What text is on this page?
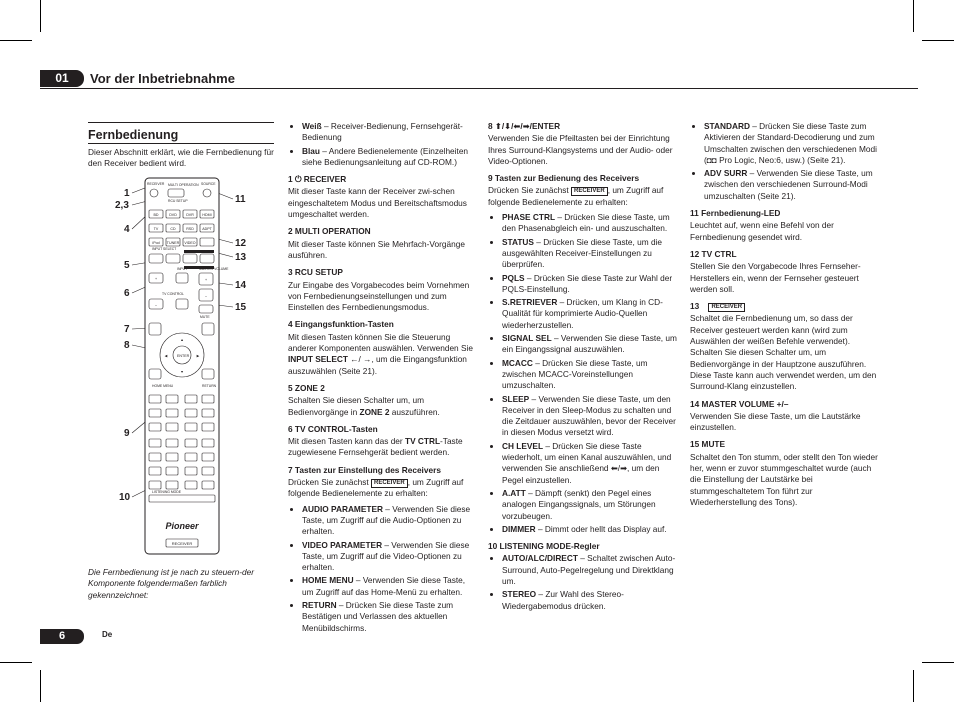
01	Vor der Inbetriebnahme
Fernbedienung

Dieser Abschnitt erklärt, wie die Fernbedienung für den Receiver bedient wird.

1
2,3
4
5
6
7
8
9
10
11
12
13
14
15
RECEIVER MULTI OPERATION SOURCE
RCU SETUP
INPUT SELECT
TV CONTROL
INPUT	MASTER VOLUME
MUTE
ENTER
HOME MENU	RETURN
LISTENING MODE
BD	DVD	DVR HDMI
TV	CD	RSD ADPT
iPod TUNER VIDEO
+
–
+
–
▲
▼
◀	▶
Pioneer
RECEIVER
Die Fernbedienung ist je nach zu steuern-der Komponente folgendermaßen farblich gekennzeichnet:
• Weiß – Receiver-Bedienung, Fernsehgerät-Bedienung
• Blau – Andere Bedienelemente (Einzelheiten siehe Bedienungsanleitung auf CD-ROM.)
1 ⏻ RECEIVER

Mit dieser Taste kann der Receiver zwi-schen eingeschaltetem Modus und Bereitschaftsmodus umgeschaltet werden.

2 MULTI OPERATION

Mit dieser Taste können Sie Mehrfach-Vorgänge ausführen.

3 RCU SETUP

Zur Eingabe des Vorgabecodes beim Vornehmen von Fernbedienungseinstellungen und zum Einstellen des Fernbedienungsmodus.

4 Eingangsfunktion-Tasten

Mit diesen Tasten können Sie die Steuerung anderer Komponenten auswählen. Verwenden Sie INPUT SELECT ←/ →, um die Eingangsfunktion auszuwählen (Seite 21).

5 ZONE 2

Schalten Sie diesen Schalter um, um Bedienvorgänge in ZONE 2 auszuführen.

6 TV CONTROL-Tasten

Mit diesen Tasten kann das der TV CTRL-Taste zugewiesene Fernsehgerät bedient werden.

7 Tasten zur Einstellung des Receivers

Drücken Sie zunächst RECEIVER , um Zugriff auf folgende Bedienelemente zu erhalten:

• AUDIO PARAMETER – Verwenden Sie diese Taste, um Zugriff auf die Audio-Optionen zu erhalten.
• VIDEO PARAMETER – Verwenden Sie diese Taste, um Zugriff auf die Video-Optionen zu erhalten.
• HOME MENU – Verwenden Sie diese Taste, um Zugriff auf das Home-Menü zu erhalten.
• RETURN – Drücken Sie diese Taste zum Bestätigen und Verlassen des aktuellen Menübildschirms.
8 ⬆/⬇/⬅/➡/ENTER

Verwenden Sie die Pfeiltasten bei der Einrichtung Ihres Surround-Klangsystems und der Audio- oder Video-Optionen.

9 Tasten zur Bedienung des Receivers

Drücken Sie zunächst RECEIVER , um Zugriff auf folgende Bedienelemente zu erhalten:

• PHASE CTRL – Drücken Sie diese Taste, um den Phasenabgleich ein- und auszuschalten.
• STATUS – Drücken Sie diese Taste, um die ausgewählten Receiver-Einstellungen zu überprüfen.
• PQLS – Drücken Sie diese Taste zur Wahl der PQLS-Einstellung.
• S.RETRIEVER – Drücken, um Klang in CD-Qualität für komprimierte Audio-Quellen wiederherzustellen.
• SIGNAL SEL – Verwenden Sie diese Taste, um ein Eingangssignal auszuwählen.
• MCACC – Drücken Sie diese Taste, um zwischen MCACC-Voreinstellungen umzuschalten.
• SLEEP – Verwenden Sie diese Taste, um den Receiver in den Sleep-Modus zu schalten und die Zeitdauer auszuwählen, bevor der Receiver in diesen Modus versetzt wird.
• CH LEVEL – Drücken Sie diese Taste wiederholt, um einen Kanal auszuwählen, und verwenden Sie anschließend ⬅/➡, um den Pegel einzustellen.
• A.ATT – Dämpft (senkt) den Pegel eines analogen Eingangssignals, um Störungen vorzubeugen.
• DIMMER – Dimmt oder hellt das Display auf.
10 LISTENING MODE-Regler
• AUTO/ALC/DIRECT – Schaltet zwischen Auto-Surround, Auto-Pegelregelung und Direktklang um.
• STEREO – Zur Wahl des Stereo-Wiedergabemodus drücken.
• STANDARD – Drücken Sie diese Taste zum Aktivieren der Standard-Decodierung und zum Umschalten zwischen den verschiedenen Modi (◘◘ Pro Logic, Neo:6, usw.) (Seite 21).
• ADV SURR – Verwenden Sie diese Taste, um zwischen den verschiedenen Surround-Modi umzuschalten (Seite 21).
11 Fernbedienung-LED

Leuchtet auf, wenn eine Befehl von der Fernbedienung gesendet wird.

12 TV CTRL

Stellen Sie den Vorgabecode Ihres Fernseher-Herstellers ein, wenn der Fernseher gesteuert werden soll.

13 RECEIVER

Schaltet die Fernbedienung um, so dass der Receiver gesteuert werden kann (wird zum Auswählen der weißen Befehle verwendet). Schalten Sie diesen Schalter um, um Bedienvorgänge in der Hauptzone auszuführen. Diese Taste kann auch verwendet werden, um den Surround-Klang einzustellen.

14 MASTER VOLUME +/–

Verwenden Sie diese Taste, um die Lautstärke einzustellen.

15 MUTE

Schaltet den Ton stumm, oder stellt den Ton wieder her, wenn er zuvor stummgeschaltet wurde (auch die Einstellung der Lautstärke bei stummgeschaltetem Ton führt zur Wiederherstellung des Tons).

6	De
